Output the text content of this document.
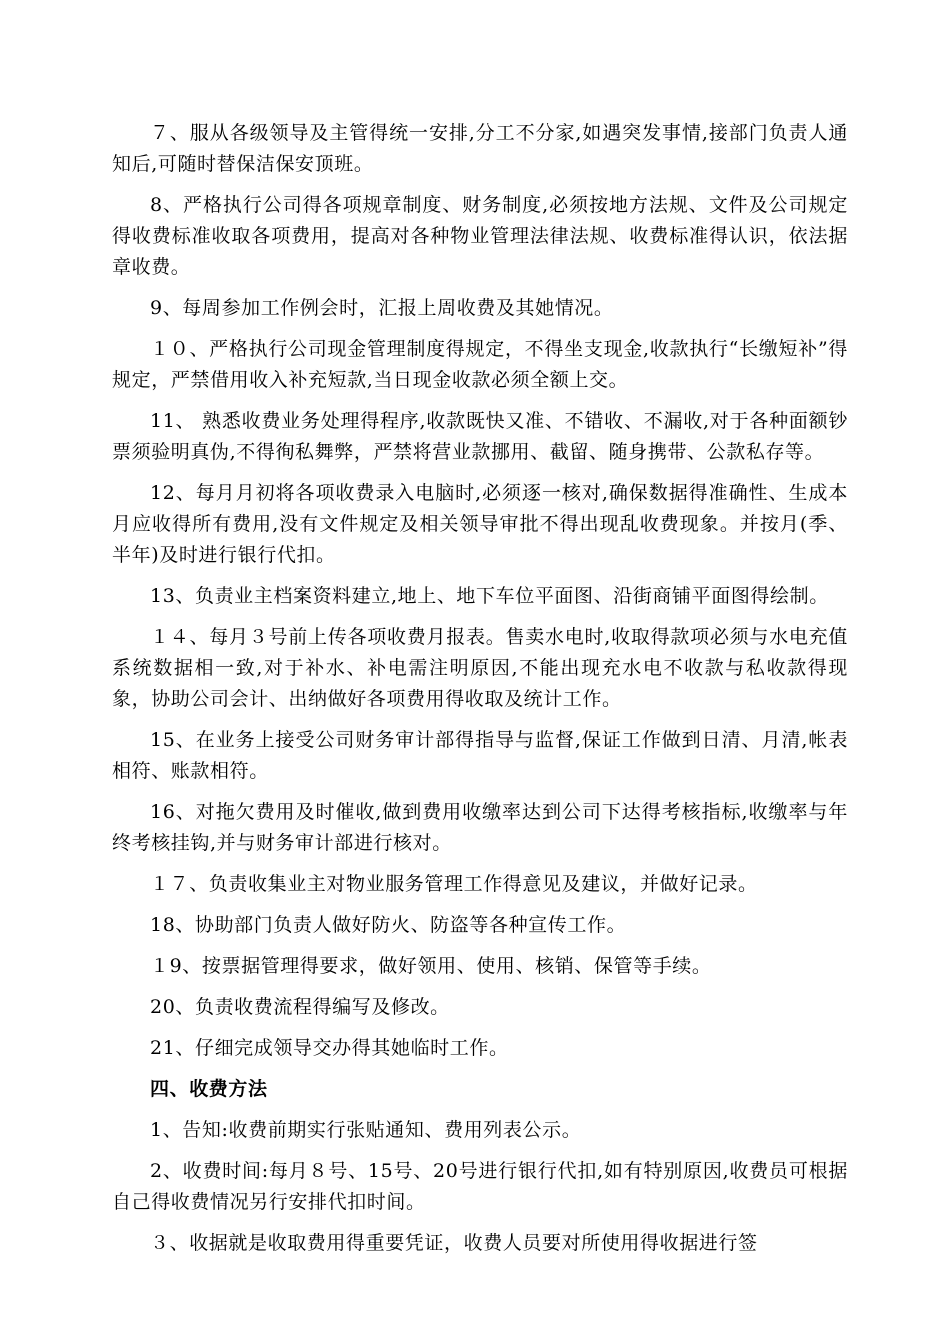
７、服从各级领导及主管得统一安排,分工不分家,如遇突发事情,接部门负责人通知后,可随时替保洁保安顶班。

8、严格执行公司得各项规章制度、财务制度,必须按地方法规、文件及公司规定得收费标准收取各项费用，提高对各种物业管理法律法规、收费标准得认识，依法据章收费。

9、每周参加工作例会时，汇报上周收费及其她情况。

１０、严格执行公司现金管理制度得规定，不得坐支现金,收款执行“长缴短补”得规定，严禁借用收入补充短款,当日现金收款必须全额上交。

11、 熟悉收费业务处理得程序,收款既快又准、不错收、不漏收,对于各种面额钞票须验明真伪,不得徇私舞弊，严禁将营业款挪用、截留、随身携带、公款私存等。

12、每月月初将各项收费录入电脑时,必须逐一核对,确保数据得准确性、生成本月应收得所有费用,没有文件规定及相关领导审批不得出现乱收费现象。并按月(季、半年)及时进行银行代扣。

13、负责业主档案资料建立,地上、地下车位平面图、沿街商铺平面图得绘制。

１４、每月３号前上传各项收费月报表。售卖水电时,收取得款项必须与水电充值系统数据相一致,对于补水、补电需注明原因,不能出现充水电不收款与私收款得现象，协助公司会计、出纳做好各项费用得收取及统计工作。

15、在业务上接受公司财务审计部得指导与监督,保证工作做到日清、月清,帐表相符、账款相符。

16、对拖欠费用及时催收,做到费用收缴率达到公司下达得考核指标,收缴率与年终考核挂钩,并与财务审计部进行核对。

１７、负责收集业主对物业服务管理工作得意见及建议，并做好记录。

18、协助部门负责人做好防火、防盗等各种宣传工作。

１9、按票据管理得要求，做好领用、使用、核销、保管等手续。

20、负责收费流程得编写及修改。

21、仔细完成领导交办得其她临时工作。

四、收费方法

1、告知:收费前期实行张贴通知、费用列表公示。

2、收费时间:每月８号、15号、20号进行银行代扣,如有特别原因,收费员可根据自己得收费情况另行安排代扣时间。

３、收据就是收取费用得重要凭证，收费人员要对所使用得收据进行签
